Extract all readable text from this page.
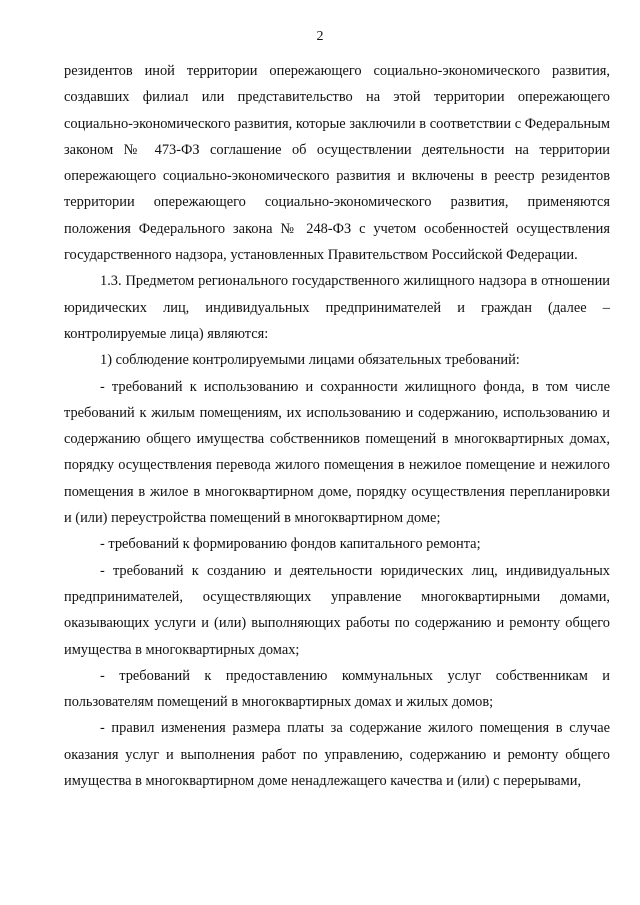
2

резидентов иной территории опережающего социально-экономического развития, создавших филиал или представительство на этой территории опережающего социально-экономического развития, которые заключили в соответствии с Федеральным законом № 473-ФЗ соглашение об осуществлении деятельности на территории опережающего социально-экономического развития и включены в реестр резидентов территории опережающего социально-экономического развития, применяются положения Федерального закона № 248-ФЗ с учетом особенностей осуществления государственного надзора, установленных Правительством Российской Федерации.

1.3. Предметом регионального государственного жилищного надзора в отношении юридических лиц, индивидуальных предпринимателей и граждан (далее – контролируемые лица) являются:

1) соблюдение контролируемыми лицами обязательных требований:

- требований к использованию и сохранности жилищного фонда, в том числе требований к жилым помещениям, их использованию и содержанию, использованию и содержанию общего имущества собственников помещений в многоквартирных домах, порядку осуществления перевода жилого помещения в нежилое помещение и нежилого помещения в жилое в многоквартирном доме, порядку осуществления перепланировки и (или) переустройства помещений в многоквартирном доме;

- требований к формированию фондов капитального ремонта;

- требований к созданию и деятельности юридических лиц, индивидуальных предпринимателей, осуществляющих управление многоквартирными домами, оказывающих услуги и (или) выполняющих работы по содержанию и ремонту общего имущества в многоквартирных домах;

- требований к предоставлению коммунальных услуг собственникам и пользователям помещений в многоквартирных домах и жилых домов;

- правил изменения размера платы за содержание жилого помещения в случае оказания услуг и выполнения работ по управлению, содержанию и ремонту общего имущества в многоквартирном доме ненадлежащего качества и (или) с перерывами,
